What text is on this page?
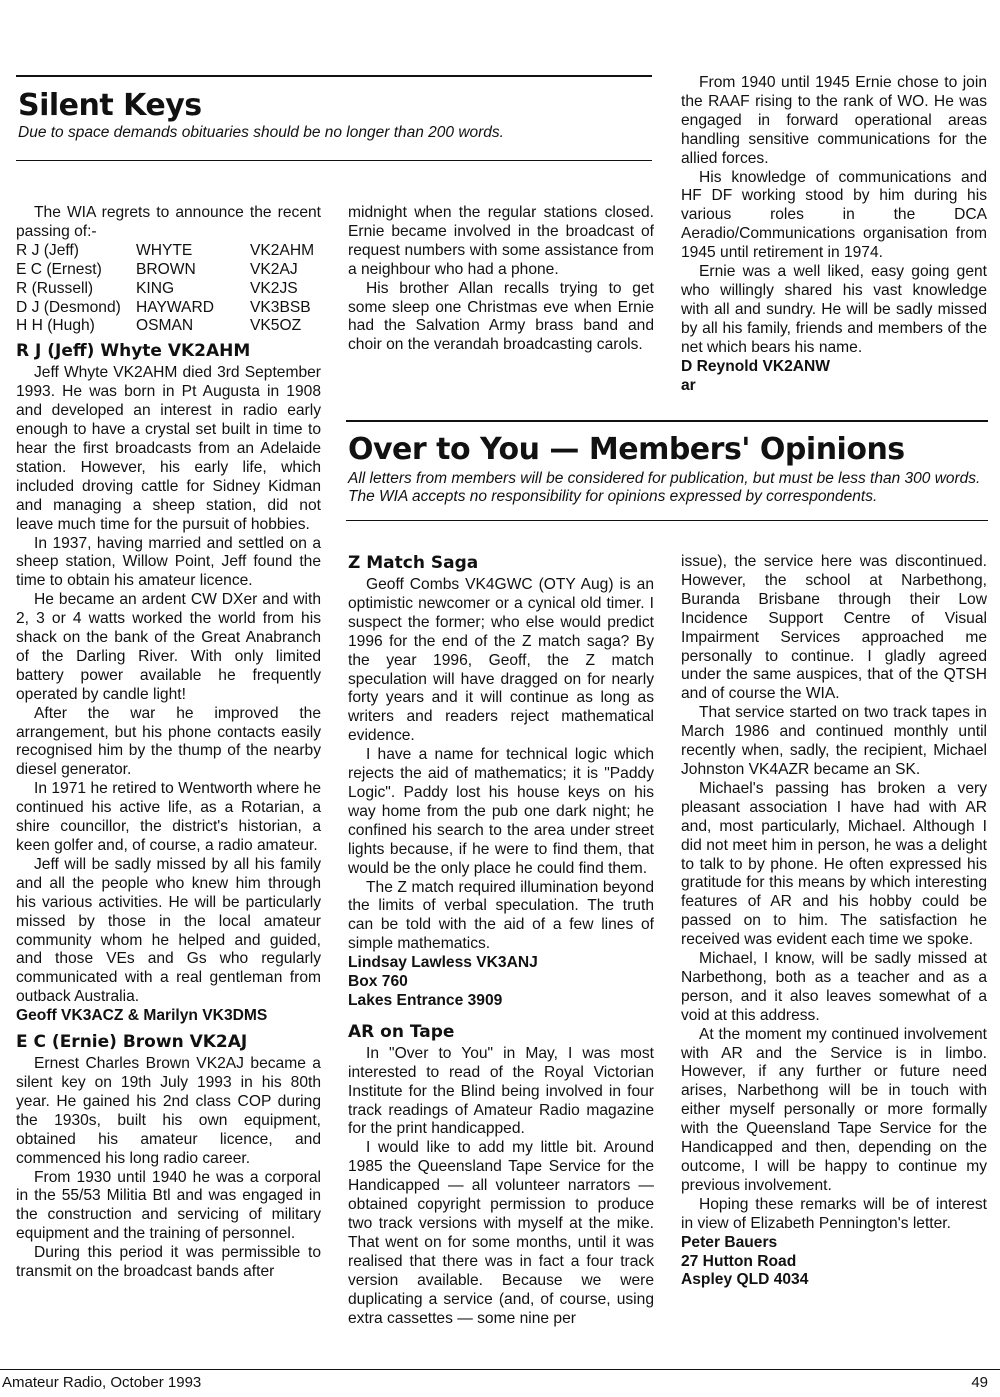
Silent Keys
Due to space demands obituaries should be no longer than 200 words.

The WIA regrets to announce the recent passing of:-

R J (Jeff)	WHYTE	VK2AHM
E C (Ernest)	BROWN	VK2AJ
R (Russell)	KING	VK2JS
D J (Desmond)	HAYWARD	VK3BSB
H H (Hugh)	OSMAN	VK5OZ
R J (Jeff) Whyte VK2AHM

Jeff Whyte VK2AHM died 3rd September 1993. He was born in Pt Augusta in 1908 and developed an interest in radio early enough to have a crystal set built in time to hear the first broadcasts from an Adelaide station. However, his early life, which included droving cattle for Sidney Kidman and managing a sheep station, did not leave much time for the pursuit of hobbies.

In 1937, having married and settled on a sheep station, Willow Point, Jeff found the time to obtain his amateur licence.

He became an ardent CW DXer and with 2, 3 or 4 watts worked the world from his shack on the bank of the Great Anabranch of the Darling River. With only limited battery power available he frequently operated by candle light!

After the war he improved the arrangement, but his phone contacts easily recognised him by the thump of the nearby diesel generator.

In 1971 he retired to Wentworth where he continued his active life, as a Rotarian, a shire councillor, the district's historian, a keen golfer and, of course, a radio amateur.

Jeff will be sadly missed by all his family and all the people who knew him through his various activities. He will be particularly missed by those in the local amateur community whom he helped and guided, and those VEs and Gs who regularly communicated with a real gentleman from outback Australia.

Geoff VK3ACZ & Marilyn VK3DMS

E C (Ernie) Brown VK2AJ

Ernest Charles Brown VK2AJ became a silent key on 19th July 1993 in his 80th year. He gained his 2nd class COP during the 1930s, built his own equipment, obtained his amateur licence, and commenced his long radio career.

From 1930 until 1940 he was a corporal in the 55/53 Militia Btl and was engaged in the construction and servicing of military equipment and the training of personnel.

During this period it was permissible to transmit on the broadcast bands after

midnight when the regular stations closed. Ernie became involved in the broadcast of request numbers with some assistance from a neighbour who had a phone.

His brother Allan recalls trying to get some sleep one Christmas eve when Ernie had the Salvation Army brass band and choir on the verandah broadcasting carols.

From 1940 until 1945 Ernie chose to join the RAAF rising to the rank of WO. He was engaged in forward operational areas handling sensitive communications for the allied forces.

His knowledge of communications and HF DF working stood by him during his various roles in the DCA Aeradio/Communications organisation from 1945 until retirement in 1974.

Ernie was a well liked, easy going gent who willingly shared his vast knowledge with all and sundry. He will be sadly missed by all his family, friends and members of the net which bears his name.

D Reynold VK2ANW

ar

Over to You — Members' Opinions
All letters from members will be considered for publication, but must be less than 300 words. The WIA accepts no responsibility for opinions expressed by correspondents.
Z Match Saga

Geoff Combs VK4GWC (OTY Aug) is an optimistic newcomer or a cynical old timer. I suspect the former; who else would predict 1996 for the end of the Z match saga? By the year 1996, Geoff, the Z match speculation will have dragged on for nearly forty years and it will continue as long as writers and readers reject mathematical evidence.

I have a name for technical logic which rejects the aid of mathematics; it is "Paddy Logic". Paddy lost his house keys on his way home from the pub one dark night; he confined his search to the area under street lights because, if he were to find them, that would be the only place he could find them.

The Z match required illumination beyond the limits of verbal speculation. The truth can be told with the aid of a few lines of simple mathematics.

Lindsay Lawless VK3ANJ

Box 760

Lakes Entrance 3909

AR on Tape

In "Over to You" in May, I was most interested to read of the Royal Victorian Institute for the Blind being involved in four track readings of Amateur Radio magazine for the print handicapped.

I would like to add my little bit. Around 1985 the Queensland Tape Service for the Handicapped — all volunteer narrators — obtained copyright permission to produce two track versions with myself at the mike. That went on for some months, until it was realised that there was in fact a four track version available. Because we were duplicating a service (and, of course, using extra cassettes — some nine per

issue), the service here was discontinued. However, the school at Narbethong, Buranda Brisbane through their Low Incidence Support Centre of Visual Impairment Services approached me personally to continue. I gladly agreed under the same auspices, that of the QTSH and of course the WIA.

That service started on two track tapes in March 1986 and continued monthly until recently when, sadly, the recipient, Michael Johnston VK4AZR became an SK.

Michael's passing has broken a very pleasant association I have had with AR and, most particularly, Michael. Although I did not meet him in person, he was a delight to talk to by phone. He often expressed his gratitude for this means by which interesting features of AR and his hobby could be passed on to him. The satisfaction he received was evident each time we spoke.

Michael, I know, will be sadly missed at Narbethong, both as a teacher and as a person, and it also leaves somewhat of a void at this address.

At the moment my continued involvement with AR and the Service is in limbo. However, if any further or future need arises, Narbethong will be in touch with either myself personally or more formally with the Queensland Tape Service for the Handicapped and then, depending on the outcome, I will be happy to continue my previous involvement.

Hoping these remarks will be of interest in view of Elizabeth Pennington's letter.

Peter Bauers

27 Hutton Road

Aspley QLD 4034

Amateur Radio, October 1993	49
